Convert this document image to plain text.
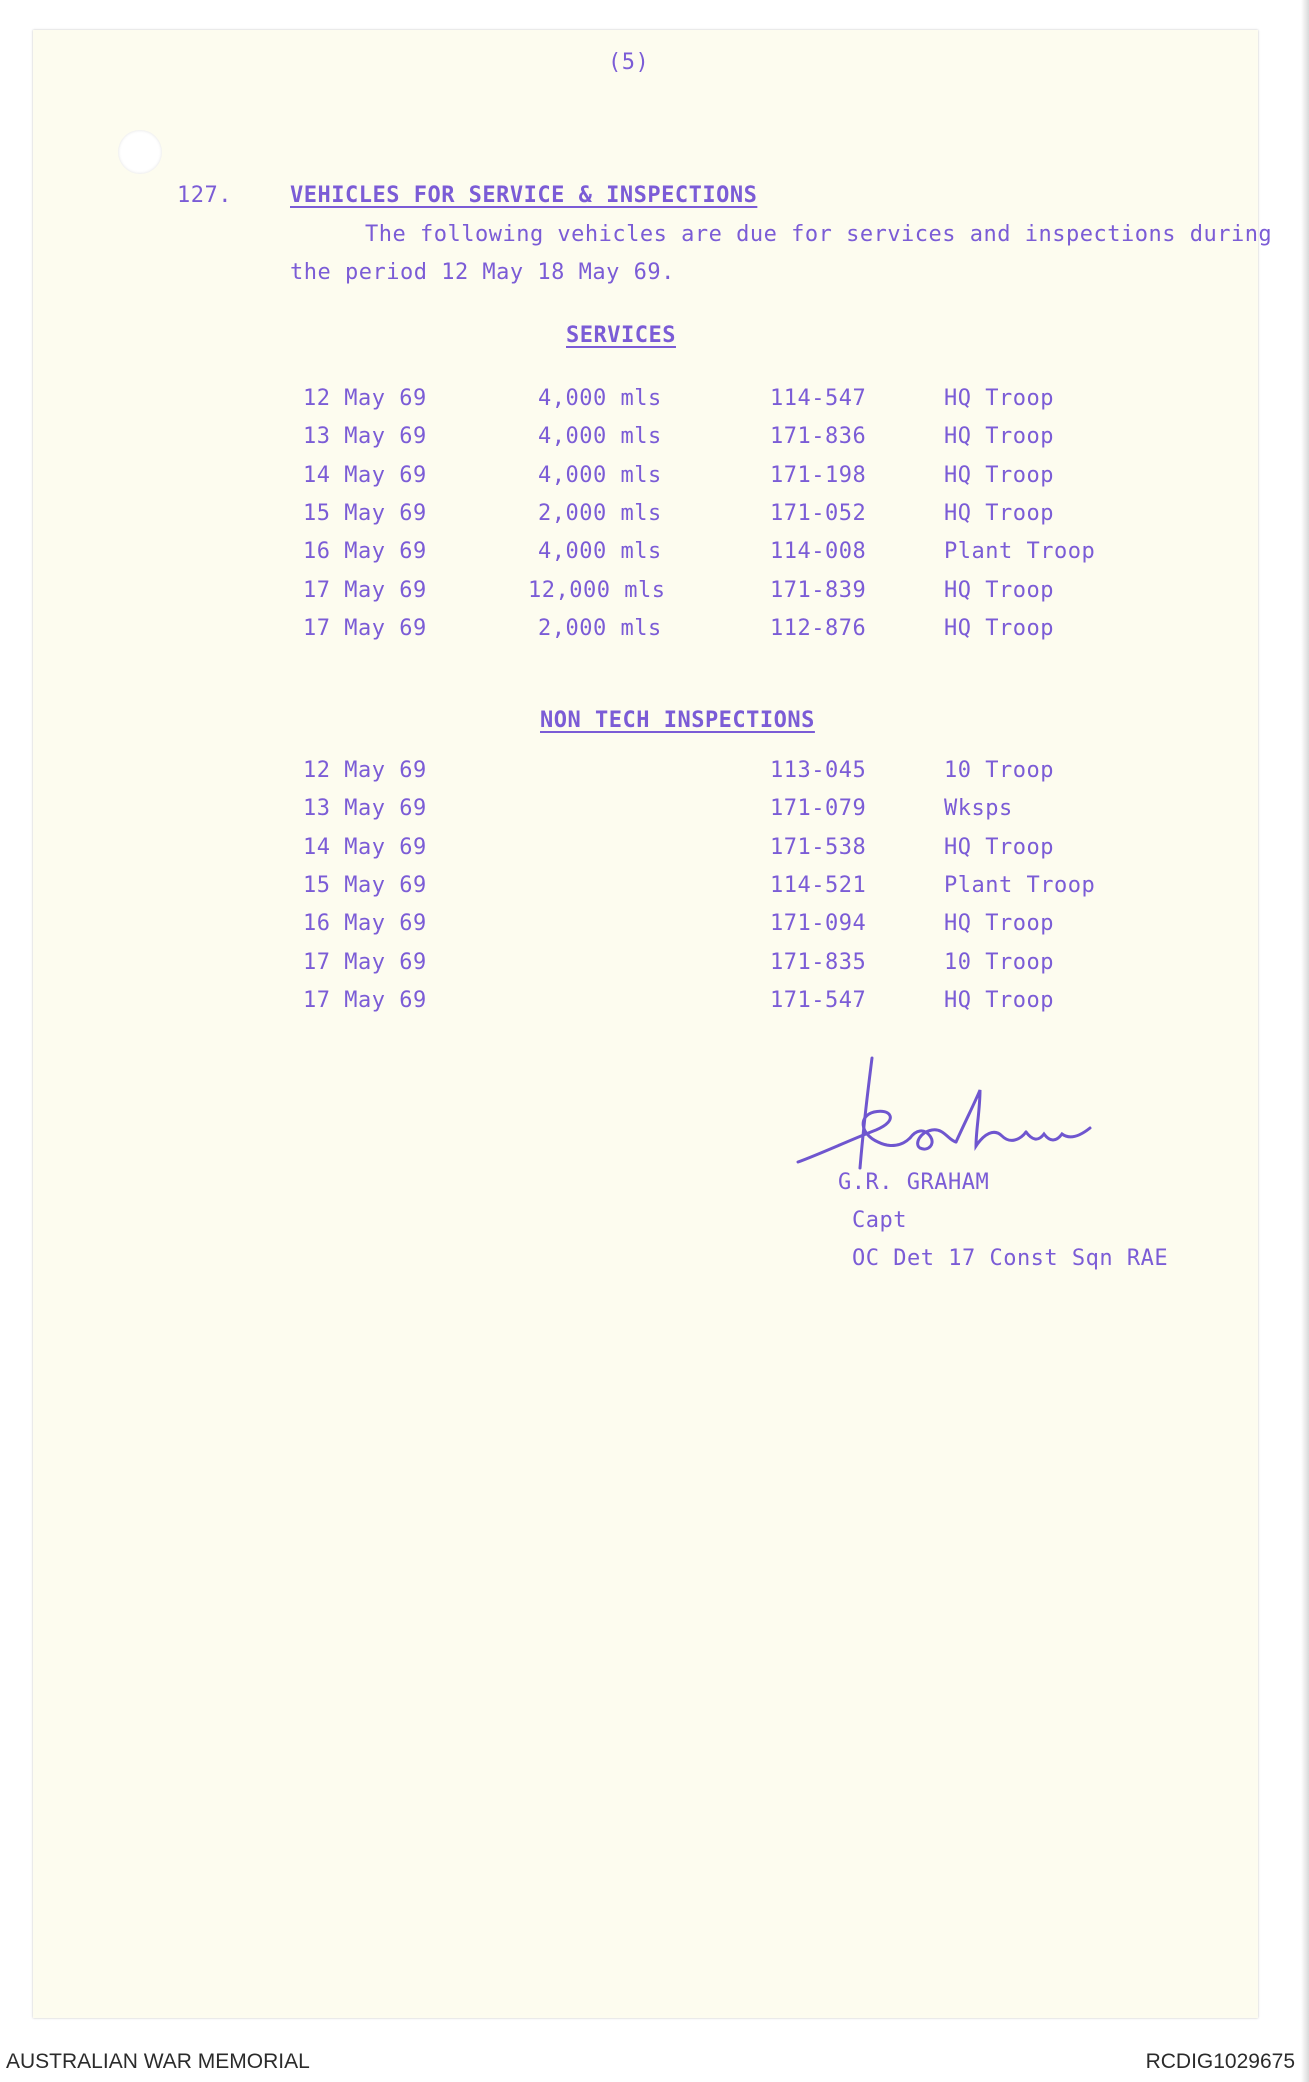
(5)
127.	VEHICLES FOR SERVICE & INSPECTIONS
The following vehicles are due for services and inspections during
the period 12 May 18 May 69.
SERVICES
12 May 69	4,000 mls	114-547	HQ Troop
13 May 69	4,000 mls	171-836	HQ Troop
14 May 69	4,000 mls	171-198	HQ Troop
15 May 69	2,000 mls	171-052	HQ Troop
16 May 69	4,000 mls	114-008	Plant Troop
17 May 69	12,000 mls	171-839	HQ Troop
17 May 69	2,000 mls	112-876	HQ Troop
NON TECH INSPECTIONS
12 May 69	113-045	10 Troop
13 May 69	171-079	Wksps
14 May 69	171-538	HQ Troop
15 May 69	114-521	Plant Troop
16 May 69	171-094	HQ Troop
17 May 69	171-835	10 Troop
17 May 69	171-547	HQ Troop
G.R. GRAHAM
Capt
OC Det 17 Const Sqn RAE
AUSTRALIAN WAR MEMORIAL	RCDIG1029675
